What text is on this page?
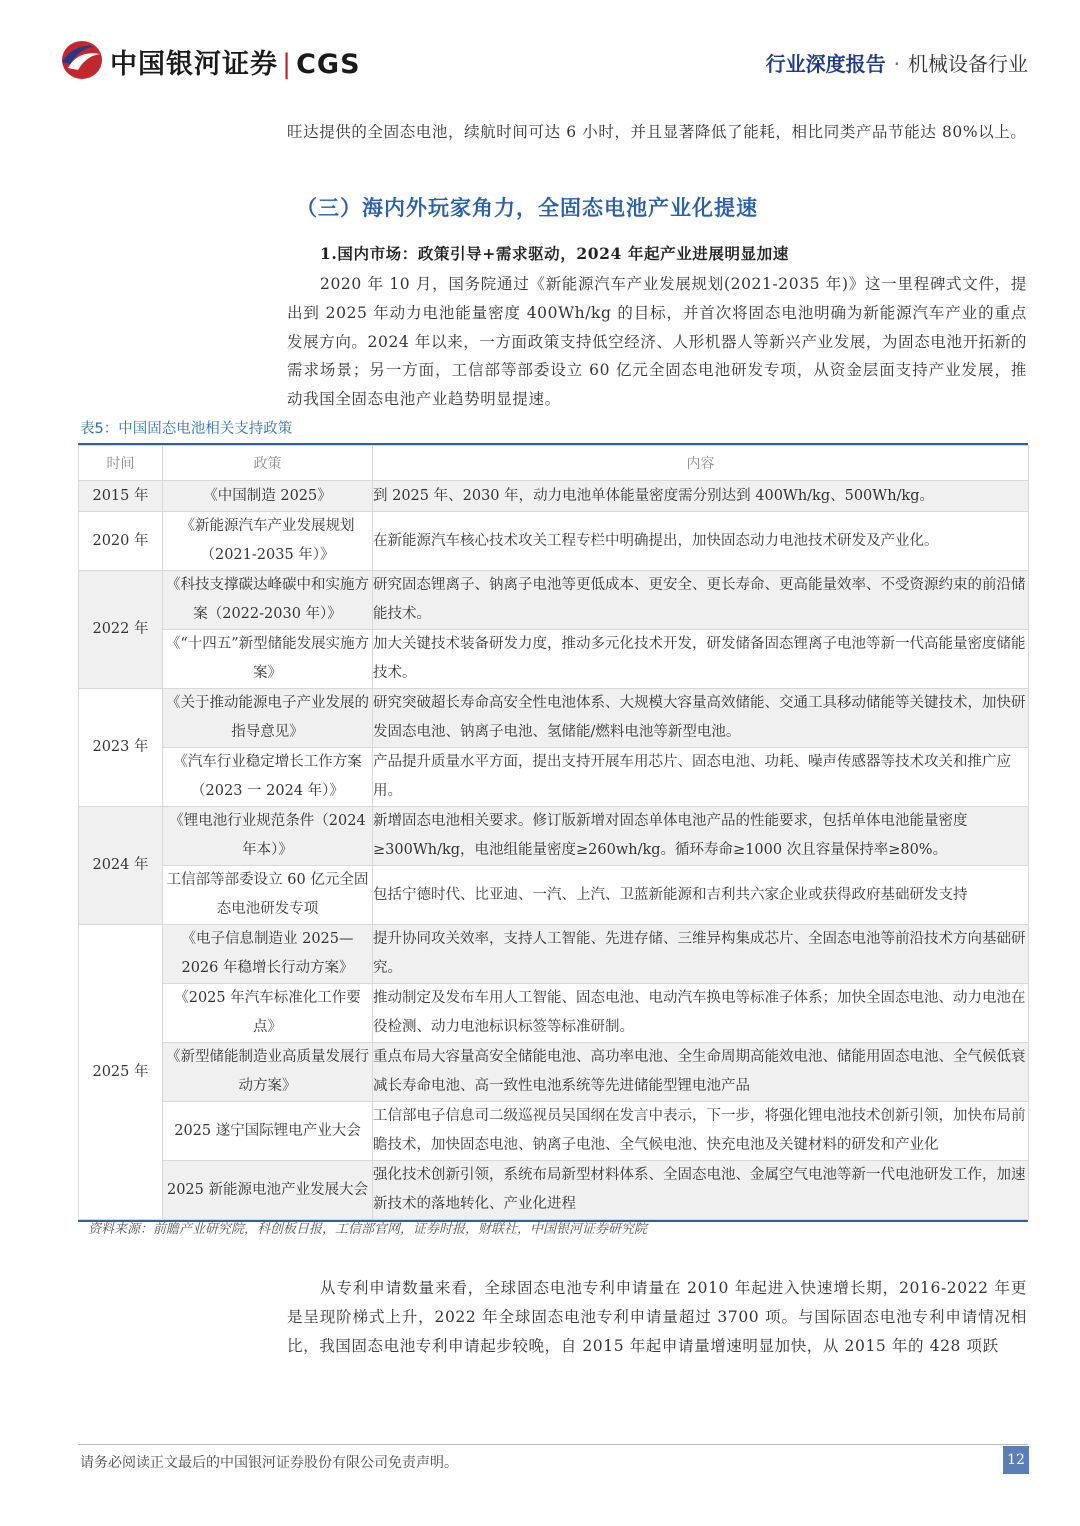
中国银河证券 | CGS	行业深度报告 · 机械设备行业
旺达提供的全固态电池，续航时间可达 6 小时，并且显著降低了能耗，相比同类产品节能达 80%以上。
（三）海内外玩家角力，全固态电池产业化提速
1.国内市场：政策引导+需求驱动，2024 年起产业进展明显加速
2020 年 10 月，国务院通过《新能源汽车产业发展规划(2021-2035 年)》这一里程碑式文件，提出到 2025 年动力电池能量密度 400Wh/kg 的目标，并首次将固态电池明确为新能源汽车产业的重点发展方向。2024 年以来，一方面政策支持低空经济、人形机器人等新兴产业发展，为固态电池开拓新的需求场景；另一方面，工信部等部委设立 60 亿元全固态电池研发专项，从资金层面支持产业发展，推动我国全固态电池产业趋势明显提速。
表5：中国固态电池相关支持政策
时间	政策	内容
2015 年	《中国制造 2025》	到 2025 年、2030 年，动力电池单体能量密度需分别达到 400Wh/kg、500Wh/kg。
2020 年	《新能源汽车产业发展规划（2021-2035 年）》	在新能源汽车核心技术攻关工程专栏中明确提出，加快固态动力电池技术研发及产业化。
2022 年	《科技支撑碳达峰碳中和实施方案（2022-2030 年）》	研究固态锂离子、钠离子电池等更低成本、更安全、更长寿命、更高能量效率、不受资源约束的前沿储能技术。
	《“十四五”新型储能发展实施方案》	加大关键技术装备研发力度，推动多元化技术开发，研发储备固态锂离子电池等新一代高能量密度储能技术。
2023 年	《关于推动能源电子产业发展的指导意见》	研究突破超长寿命高安全性电池体系、大规模大容量高效储能、交通工具移动储能等关键技术，加快研发固态电池、钠离子电池、氢储能/燃料电池等新型电池。
	《汽车行业稳定增长工作方案（2023 一 2024 年）》	产品提升质量水平方面，提出支持开展车用芯片、固态电池、功耗、噪声传感器等技术攻关和推广应用。
2024 年	《锂电池行业规范条件（2024 年本）》	新增固态电池相关要求。修订版新增对固态单体电池产品的性能要求，包括单体电池能量密度≥300Wh/kg，电池组能量密度≥260wh/kg。循环寿命≥1000 次且容量保持率≥80%。
	工信部等部委设立 60 亿元全固态电池研发专项	包括宁德时代、比亚迪、一汽、上汽、卫蓝新能源和吉利共六家企业或获得政府基础研发支持
2025 年	《电子信息制造业 2025—2026 年稳增长行动方案》	提升协同攻关效率，支持人工智能、先进存储、三维异构集成芯片、全固态电池等前沿技术方向基础研究。
	《2025 年汽车标准化工作要点》	推动制定及发布车用人工智能、固态电池、电动汽车换电等标准子体系；加快全固态电池、动力电池在役检测、动力电池标识标签等标准研制。
	《新型储能制造业高质量发展行动方案》	重点布局大容量高安全储能电池、高功率电池、全生命周期高能效电池、储能用固态电池、全气候低衰减长寿命电池、高一致性电池系统等先进储能型锂电池产品
	2025 遂宁国际锂电产业大会	工信部电子信息司二级巡视员吴国纲在发言中表示，下一步，将强化锂电池技术创新引领，加快布局前瞻技术，加快固态电池、钠离子电池、全气候电池、快充电池及关键材料的研发和产业化
	2025 新能源电池产业发展大会	强化技术创新引领，系统布局新型材料体系、全固态电池、金属空气电池等新一代电池研发工作，加速新技术的落地转化、产业化进程
资料来源：前瞻产业研究院，科创板日报，工信部官网，证券时报，财联社，中国银河证券研究院
从专利申请数量来看，全球固态电池专利申请量在 2010 年起进入快速增长期，2016-2022 年更是呈现阶梯式上升，2022 年全球固态电池专利申请量超过 3700 项。与国际固态电池专利申请情况相比，我国固态电池专利申请起步较晚，自 2015 年起申请量增速明显加快，从 2015 年的 428 项跃
请务必阅读正文最后的中国银河证券股份有限公司免责声明。	12
